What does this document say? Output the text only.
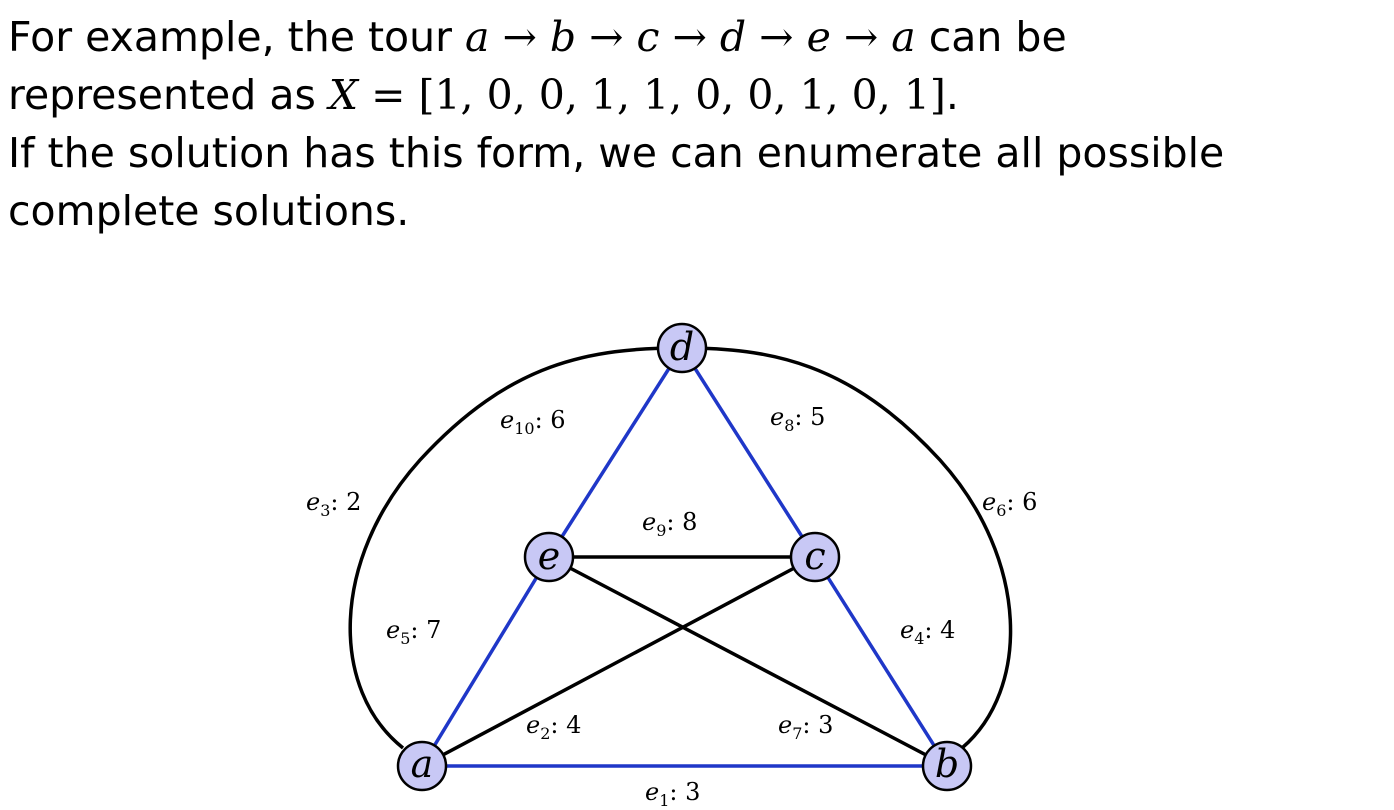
For example, the tour a → b → c → d → e → a can be
represented as X = [1, 0, 0, 1, 1, 0, 0, 1, 0, 1].
If the solution has this form, we can enumerate all possible
complete solutions.
$e_{10}$: 6	$e_8$: 5
$e_3$: 2	$e_6$: 6
$e_9$: 8
$e_5$: 7	$e_4$: 4
$e_2$: 4	$e_7$: 3
$e_1$: 3
d
e	c
a	b
